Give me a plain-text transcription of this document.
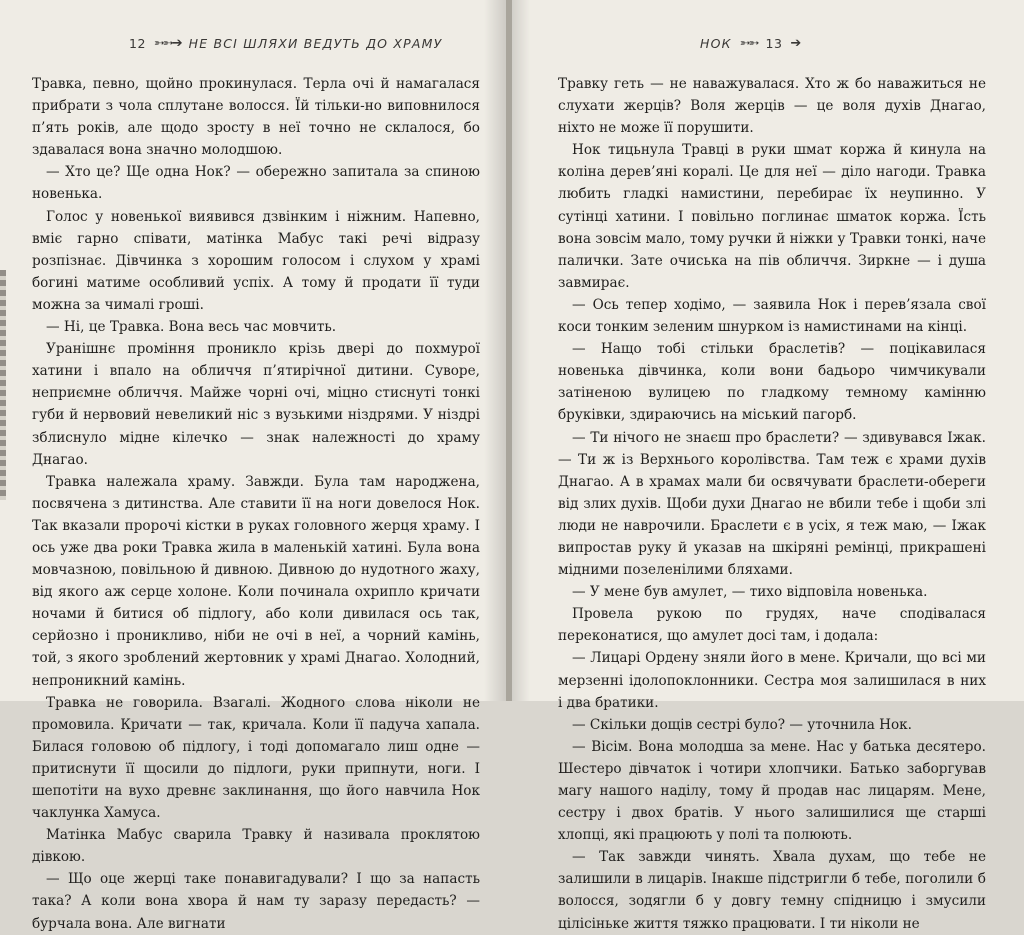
Травка, певно, щойно прокинулася. Терла очі й намагалася прибрати з чола сплутане волосся. Їй тільки-но виповнилося п’ять років, але щодо зросту в неї точно не склалося, бо здавалася вона значно молодшою.

— Хто це? Ще одна Нок? — обережно запитала за спиною новенька.

Голос у новенької виявився дзвінким і ніжним. Напевно, вміє гарно співати, матінка Мабус такі речі відразу розпізнає. Дівчинка з хорошим голосом і слухом у храмі богині матиме особливий успіх. А тому й продати її туди можна за чималі гроші.

— Ні, це Травка. Вона весь час мовчить.

Уранішнє проміння проникло крізь двері до похмурої хатини і впало на обличчя п’ятирічної дитини. Суворе, неприємне обличчя. Майже чорні очі, міцно стиснуті тонкі губи й нервовий невеликий ніс з вузькими ніздрями. У ніздрі зблиснуло мідне кілечко — знак належності до храму Днагао.

Травка належала храму. Завжди. Була там народжена, посвячена з дитинства. Але ставити її на ноги довелося Нок. Так вказали пророчі кістки в руках головного жерця храму. І ось уже два роки Травка жила в маленькій хатині. Була вона мовчазною, повільною й дивною. Дивною до нудотного жаху, від якого аж серце холоне. Коли починала охрипло кричати ночами й битися об підлогу, або коли дивилася ось так, серйозно і проникливо, ніби не очі в неї, а чорний камінь, той, з якого зроблений жертовник у храмі Днагао. Холодний, непроникний камінь.

Травка не говорила. Взагалі. Жодного слова ніколи не промовила. Кричати — так, кричала. Коли її падуча хапала. Билася головою об підлогу, і тоді допомагало лиш одне — притиснути її щосили до підлоги, руки припнути, ноги. І шепотіти на вухо древнє заклинання, що його навчила Нок чаклунка Хамуса.

Матінка Мабус сварила Травку й називала проклятою дівкою.

— Що оце жерці таке понавигадували? І що за напасть така? А коли вона хвора й нам ту заразу передасть? — бурчала вона. Але вигнати

Травку геть — не наважувалася. Хто ж бо наважиться не слухати жерців? Воля жерців — це воля духів Днагао, ніхто не може її порушити.

Нок тицьнула Травці в руки шмат коржа й кинула на коліна дерев’яні коралі. Це для неї — діло нагоди. Травка любить гладкі намистини, перебирає їх неупинно. У сутінці хатини. І повільно поглинає шматок коржа. Їсть вона зовсім мало, тому ручки й ніжки у Травки тонкі, наче палички. Зате очиська на пів обличчя. Зиркне — і душа завмирає.

— Ось тепер ходімо, — заявила Нок і перев’язала свої коси тонким зеленим шнурком із намистинами на кінці.

— Нащо тобі стільки браслетів? — поцікавилася новенька дівчинка, коли вони бадьоро чимчикували затіненою вулицею по гладкому темному камінню бруківки, здираючись на міський пагорб.

— Ти нічого не знаєш про браслети? — здивувався Іжак. — Ти ж із Верхнього королівства. Там теж є храми духів Днагао. А в храмах мали би освячувати браслети-обереги від злих духів. Щоби духи Днагао не вбили тебе і щоби злі люди не наврочили. Браслети є в усіх, я теж маю, — Іжак випростав руку й указав на шкіряні ремінці, прикрашені мідними позеленілими бляхами.

— У мене був амулет, — тихо відповіла новенька.

Провела рукою по грудях, наче сподівалася переконатися, що амулет досі там, і додала:

— Лицарі Ордену зняли його в мене. Кричали, що всі ми мерзенні ідолопоклонники. Сестра моя залишилася в них і два братики.

— Скільки дощів сестрі було? — уточнила Нок.

— Вісім. Вона молодша за мене. Нас у батька десятеро. Шестеро дівчаток і чотири хлопчики. Батько заборгував магу нашого наділу, тому й продав нас лицарям. Мене, сестру і двох братів. У нього залишилися ще старші хлопці, які працюють у полі та полюють.

— Так завжди чинять. Хвала духам, що тебе не залишили в лицарів. Інакше підстригли б тебе, поголили б волосся, зодягли б у довгу темну спідницю і змусили цілісіньке життя тяжко працювати. І ти ніколи не

12 ➳➳➔ НЕ ВСІ ШЛЯХИ ВЕДУТЬ ДО ХРАМУ	НОК ➳➳ 13 ➔
